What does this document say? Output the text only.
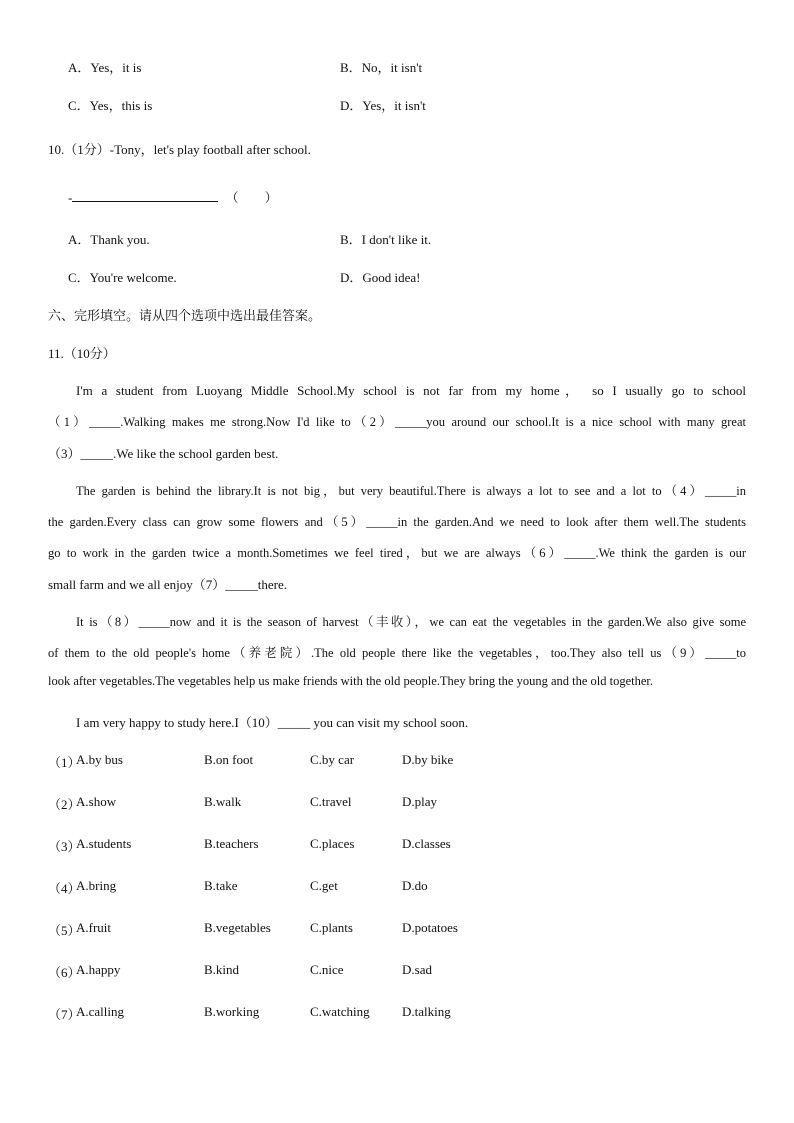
A．Yes，it is	B．No，it isn't
C．Yes，this is	D．Yes，it isn't
10.（1分）-Tony，let's play football after school.
-	（　　）
A．Thank you.	B．I don't like it.
C．You're welcome.	D．Good idea!
六、完形填空。请从四个选项中选出最佳答案。
11.（10分）
I'm a student from Luoyang Middle School.My school is not far from my home， so I usually go to school
（1）_____.Walking makes me strong.Now I'd like to（2）_____you around our school.It is a nice school with many great
（3）_____.We like the school garden best.
The garden is behind the library.It is not big，but very beautiful.There is always a lot to see and a lot to（4）_____in
the garden.Every class can grow some flowers and（5）_____in the garden.And we need to look after them well.The students
go to work in the garden twice a month.Sometimes we feel tired，but we are always（6）_____.We think the garden is our
small farm and we all enjoy（7）_____there.
It is（8）_____now and it is the season of harvest（丰收），we can eat the vegetables in the garden.We also give some
of them to the old people's home（养老院）.The old people there like the vegetables，too.They also tell us（9）_____to
look after vegetables.The vegetables help us make friends with the old people.They bring the young and the old together.
I am very happy to study here.I（10）_____ you can visit my school soon.
（1）
A.by bus	B.on foot	C.by car	D.by bike
（2）
A.show	B.walk	C.travel	D.play
（3）
A.students	B.teachers	C.places	D.classes
（4）
A.bring	B.take	C.get	D.do
（5）
A.fruit	B.vegetables	C.plants	D.potatoes
（6）
A.happy	B.kind	C.nice	D.sad
（7）
A.calling	B.working	C.watching D.talking
